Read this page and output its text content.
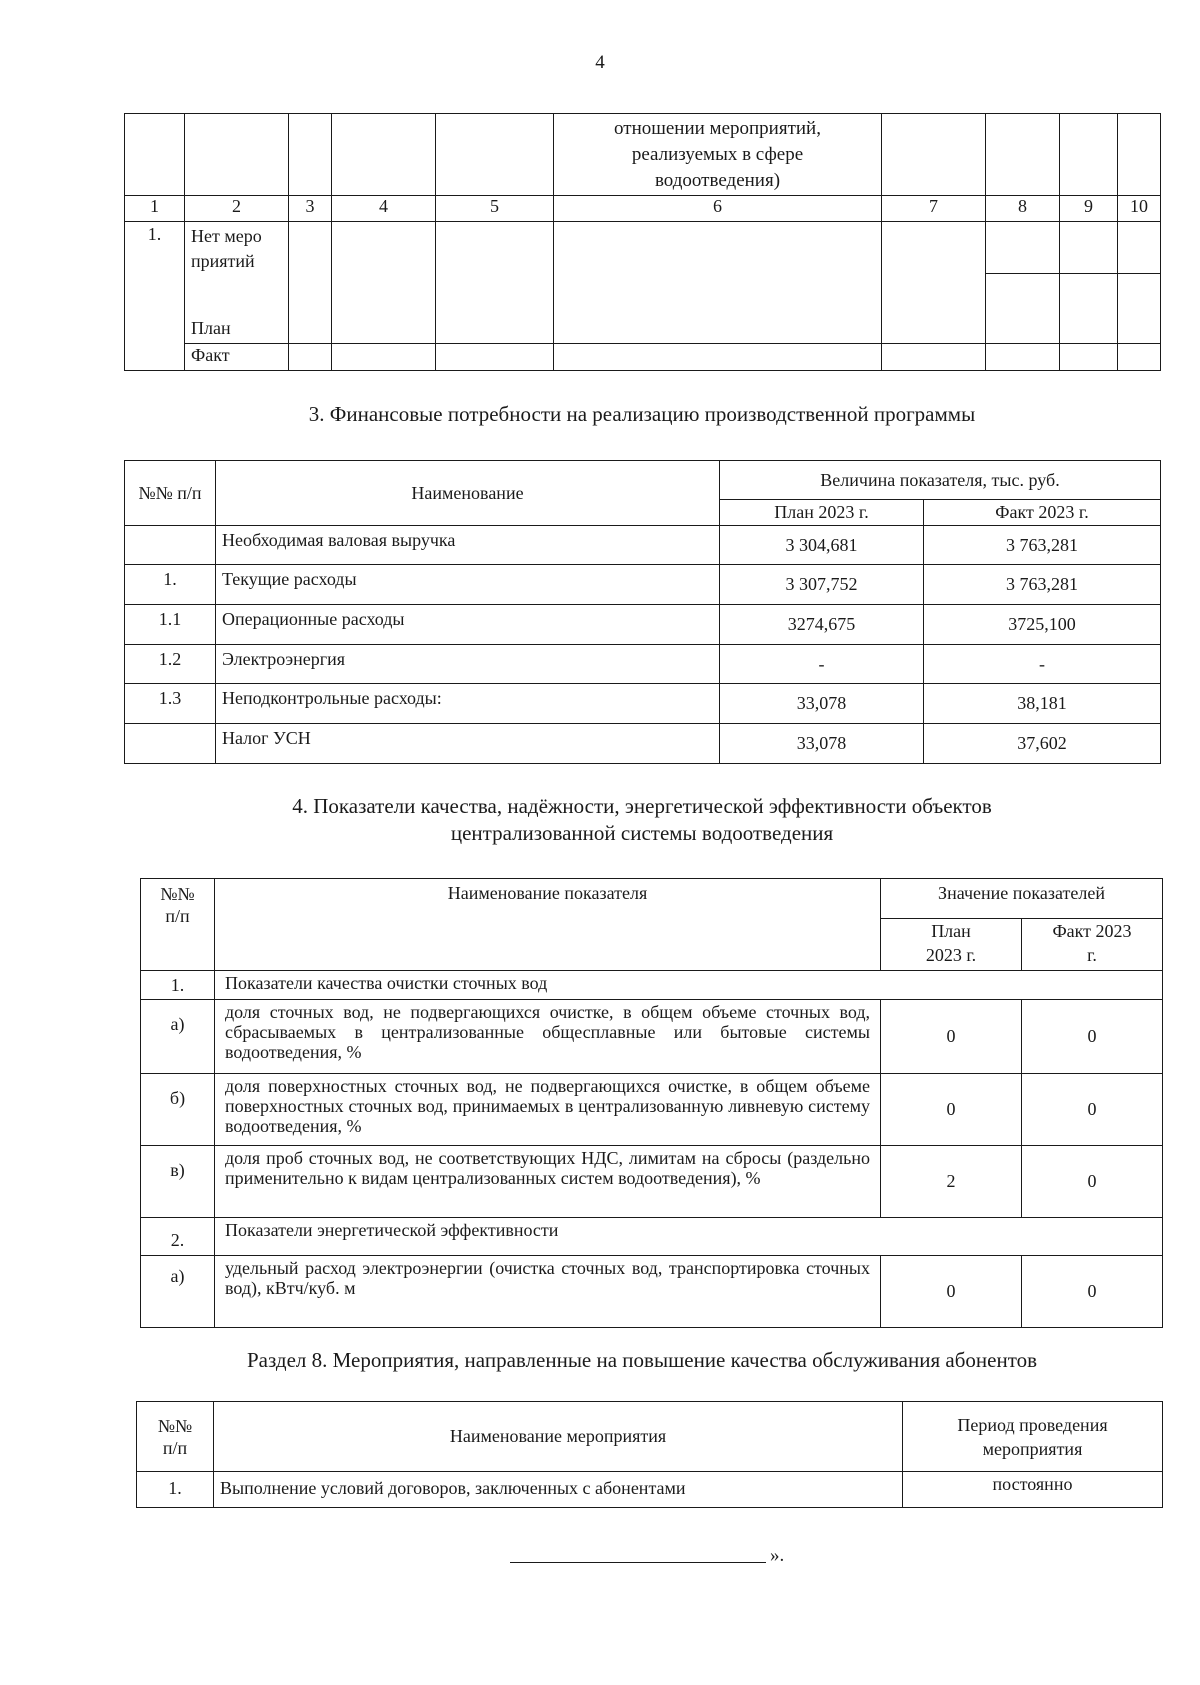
4
					отношении мероприятий, реализуемых в сфере водоотведения)				
1	2	3	4	5	6	7	8	9	10
1.	Нет мероприятий
План								

	Факт								
3. Финансовые потребности на реализацию производственной программы
№№ п/п	Наименование	Величина показателя, тыс. руб.	
		План 2023 г.	Факт 2023 г.
	Необходимая валовая выручка	3 304,681	3 763,281
1.	Текущие расходы	3 307,752	3 763,281
1.1	Операционные расходы	3274,675	3725,100
1.2	Электроэнергия	-	-
1.3	Неподконтрольные расходы:	33,078	38,181
	Налог УСН	33,078	37,602
4. Показатели качества, надёжности, энергетической эффективности объектов
централизованной системы водоотведения
№№ п/п	Наименование показателя	Значение показателей	
		План 2023 г.	Факт 2023 г.
1.	Показатели качества очистки сточных вод		
а)	доля сточных вод, не подвергающихся очистке, в общем объеме сточных вод, сбрасываемых в централизованные общесплавные или бытовые системы водоотведения, %	0	0
б)	доля поверхностных сточных вод, не подвергающихся очистке, в общем объеме поверхностных сточных вод, принимаемых в централизованную ливневую систему водоотведения, %	0	0
в)	доля проб сточных вод, не соответствующих НДС, лимитам на сбросы (раздельно применительно к видам централизованных систем водоотведения), %	2	0
2.	Показатели энергетической эффективности		
а)	удельный расход электроэнергии (очистка сточных вод, транспортировка сточных вод), кВтч/куб. м	0	0
Раздел 8. Мероприятия, направленные на повышение качества обслуживания абонентов
№№ п/п	Наименование мероприятия	Период проведения мероприятия
1.	Выполнение условий договоров, заключенных с абонентами	постоянно
».
